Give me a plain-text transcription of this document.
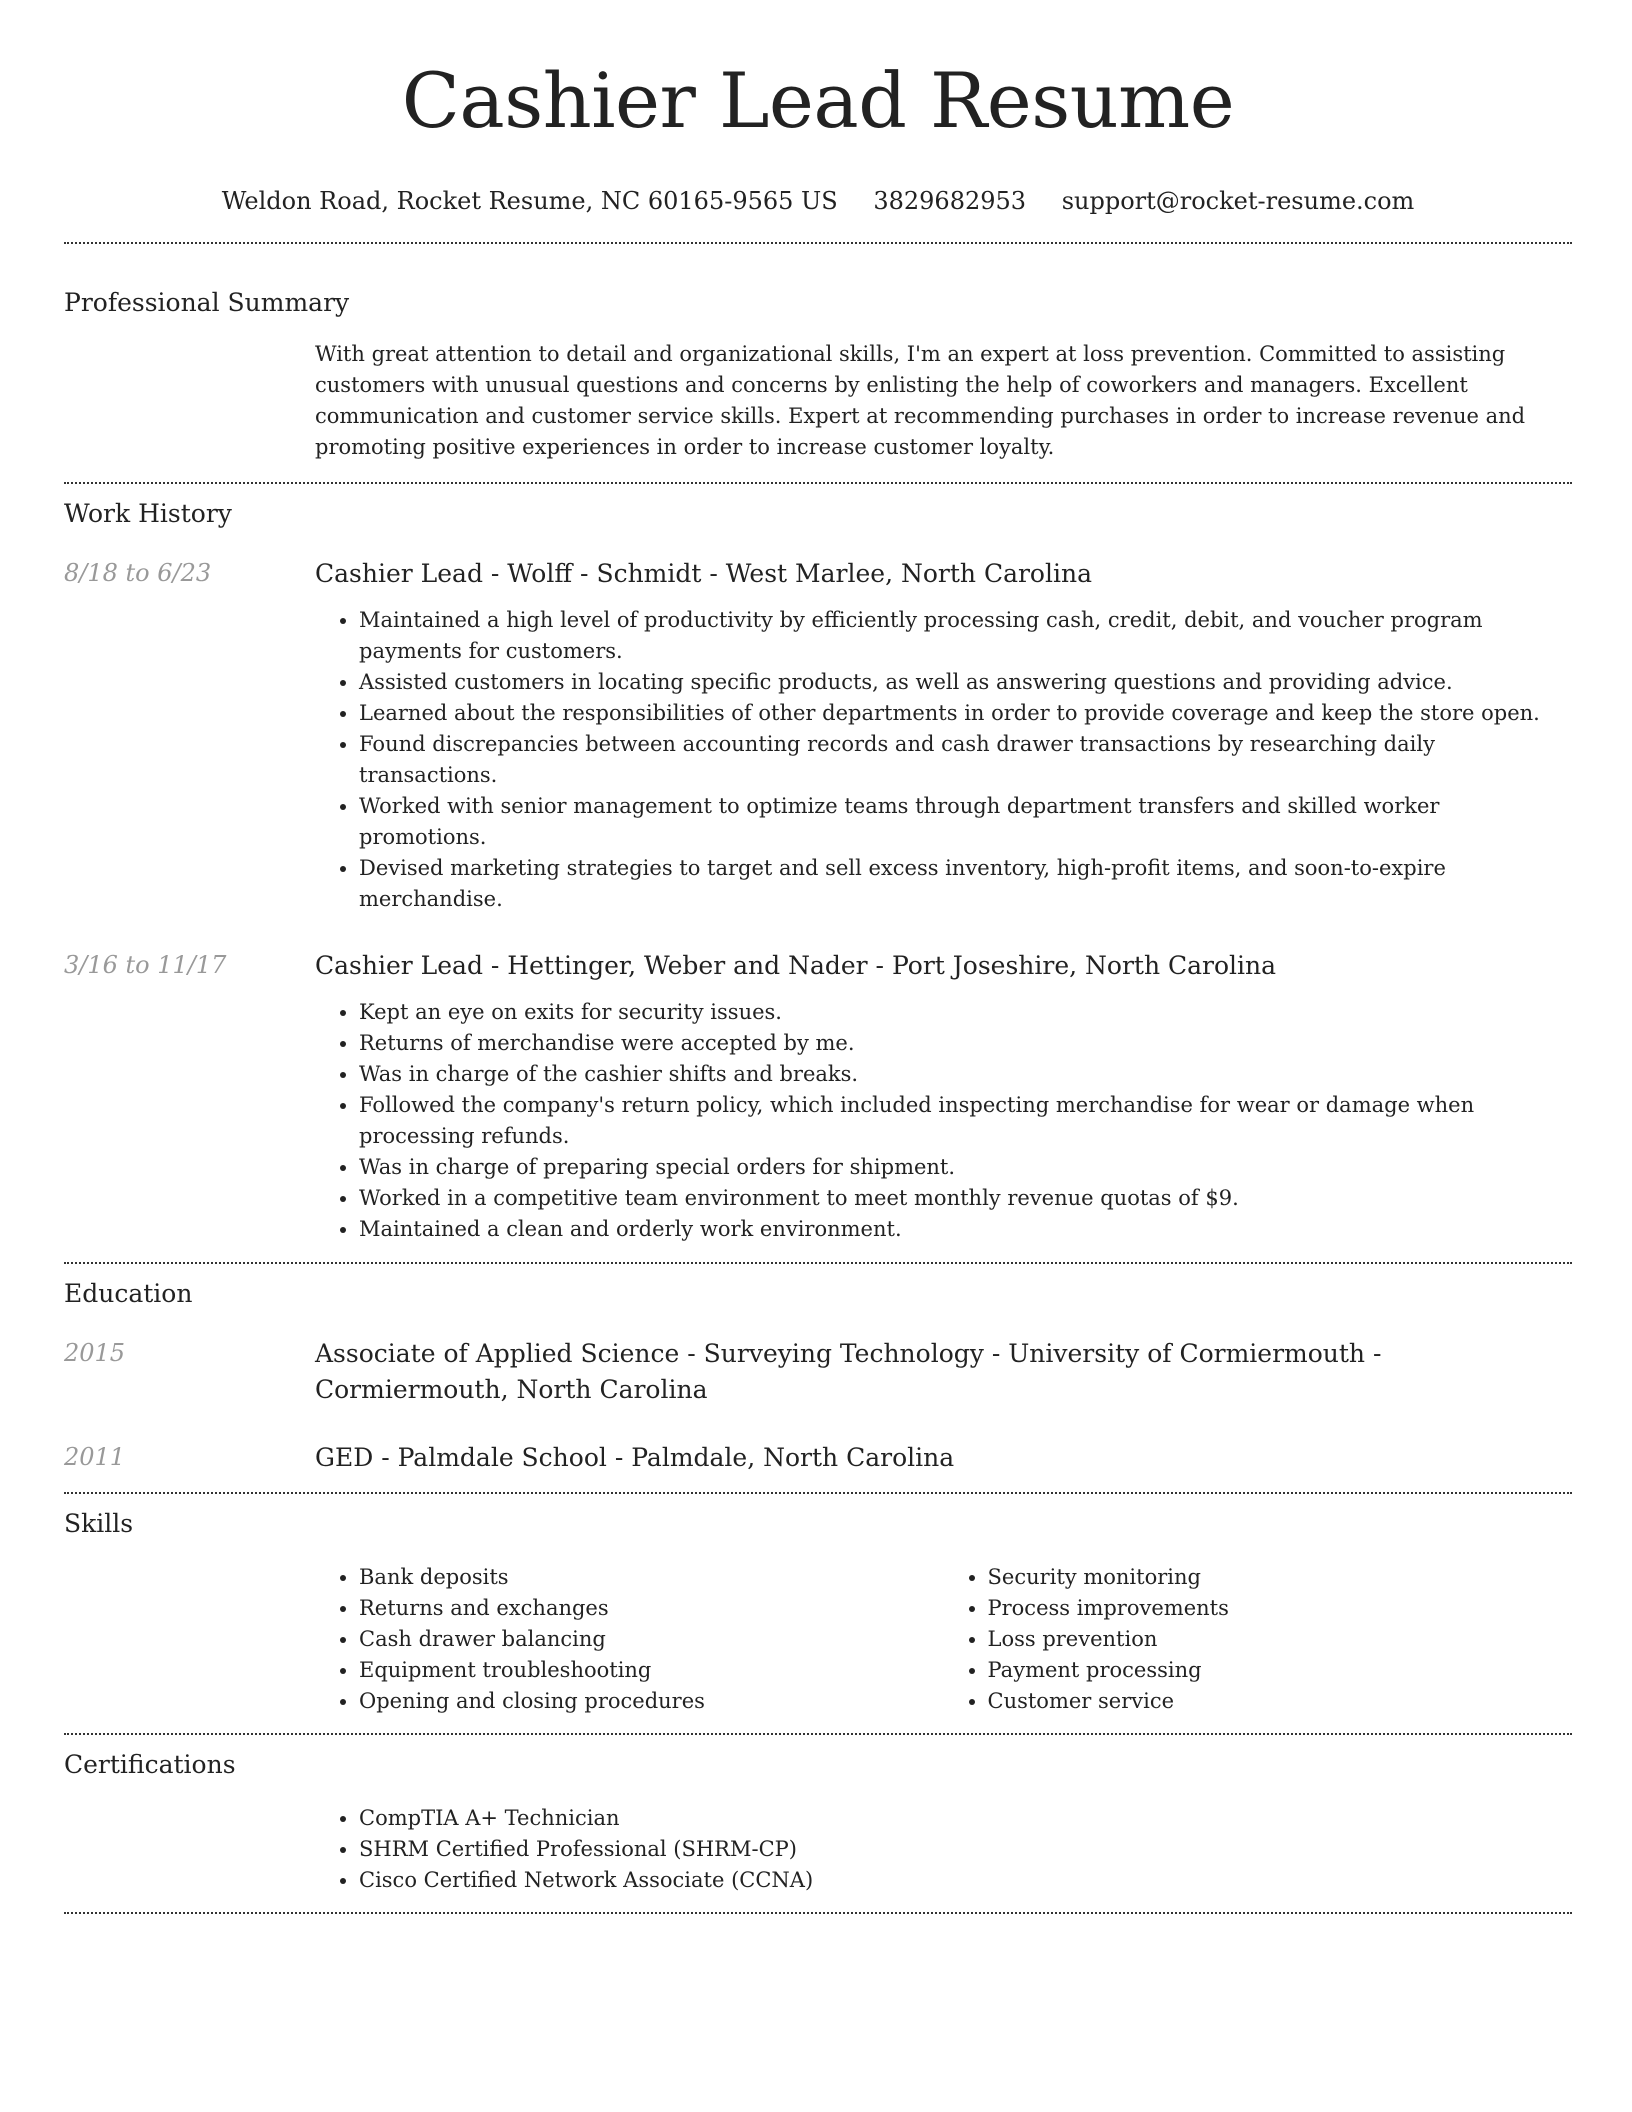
Cashier Lead Resume
Weldon Road, Rocket Resume, NC 60165-9565 US 3829682953 support@rocket-resume.com
Professional Summary

With great attention to detail and organizational skills, I'm an expert at loss prevention. Committed to assisting customers with unusual questions and concerns by enlisting the help of coworkers and managers. Excellent communication and customer service skills. Expert at recommending purchases in order to increase revenue and promoting positive experiences in order to increase customer loyalty.

Work History
8/18 to 6/23	Cashier Lead - Wolff - Schmidt - West Marlee, North Carolina
• Maintained a high level of productivity by efficiently processing cash, credit, debit, and voucher program payments for customers.
• Assisted customers in locating specific products, as well as answering questions and providing advice.
• Learned about the responsibilities of other departments in order to provide coverage and keep the store open.
• Found discrepancies between accounting records and cash drawer transactions by researching daily transactions.
• Worked with senior management to optimize teams through department transfers and skilled worker promotions.
• Devised marketing strategies to target and sell excess inventory, high-profit items, and soon-to-expire merchandise.
3/16 to 11/17	Cashier Lead - Hettinger, Weber and Nader - Port Joseshire, North Carolina
• Kept an eye on exits for security issues.
• Returns of merchandise were accepted by me.
• Was in charge of the cashier shifts and breaks.
• Followed the company's return policy, which included inspecting merchandise for wear or damage when processing refunds.
• Was in charge of preparing special orders for shipment.
• Worked in a competitive team environment to meet monthly revenue quotas of $9.
• Maintained a clean and orderly work environment.
Education
2015	Associate of Applied Science - Surveying Technology - University of Cormiermouth - Cormiermouth, North Carolina
2011	GED - Palmdale School - Palmdale, North Carolina
Skills
• Bank deposits
• Returns and exchanges
• Cash drawer balancing
• Equipment troubleshooting
• Opening and closing procedures
• Security monitoring
• Process improvements
• Loss prevention
• Payment processing
• Customer service
Certifications
• CompTIA A+ Technician
• SHRM Certified Professional (SHRM-CP)
• Cisco Certified Network Associate (CCNA)
